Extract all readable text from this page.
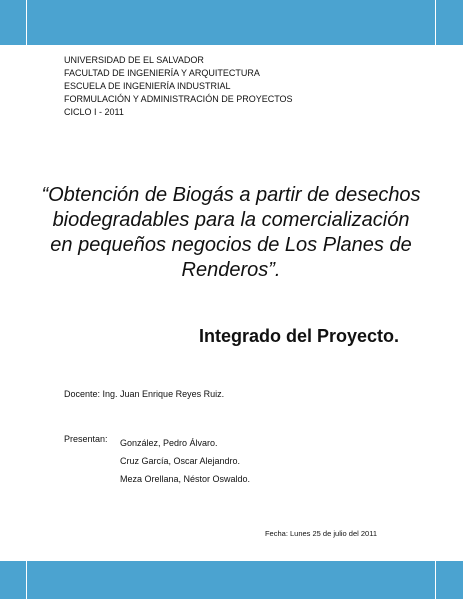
UNIVERSIDAD DE EL SALVADOR
FACULTAD DE INGENIERÍA Y ARQUITECTURA
ESCUELA DE INGENIERÍA INDUSTRIAL
FORMULACIÓN Y ADMINISTRACIÓN DE PROYECTOS
CICLO I - 2011
“Obtención de Biogás a partir de desechos biodegradables para la comercialización en pequeños negocios de Los Planes de Renderos”.
Integrado del Proyecto.
Docente: Ing. Juan Enrique Reyes Ruiz.
Presentan: González, Pedro Álvaro.
Cruz García, Oscar Alejandro.
Meza Orellana, Néstor Oswaldo.
Fecha: Lunes 25 de julio del 2011
